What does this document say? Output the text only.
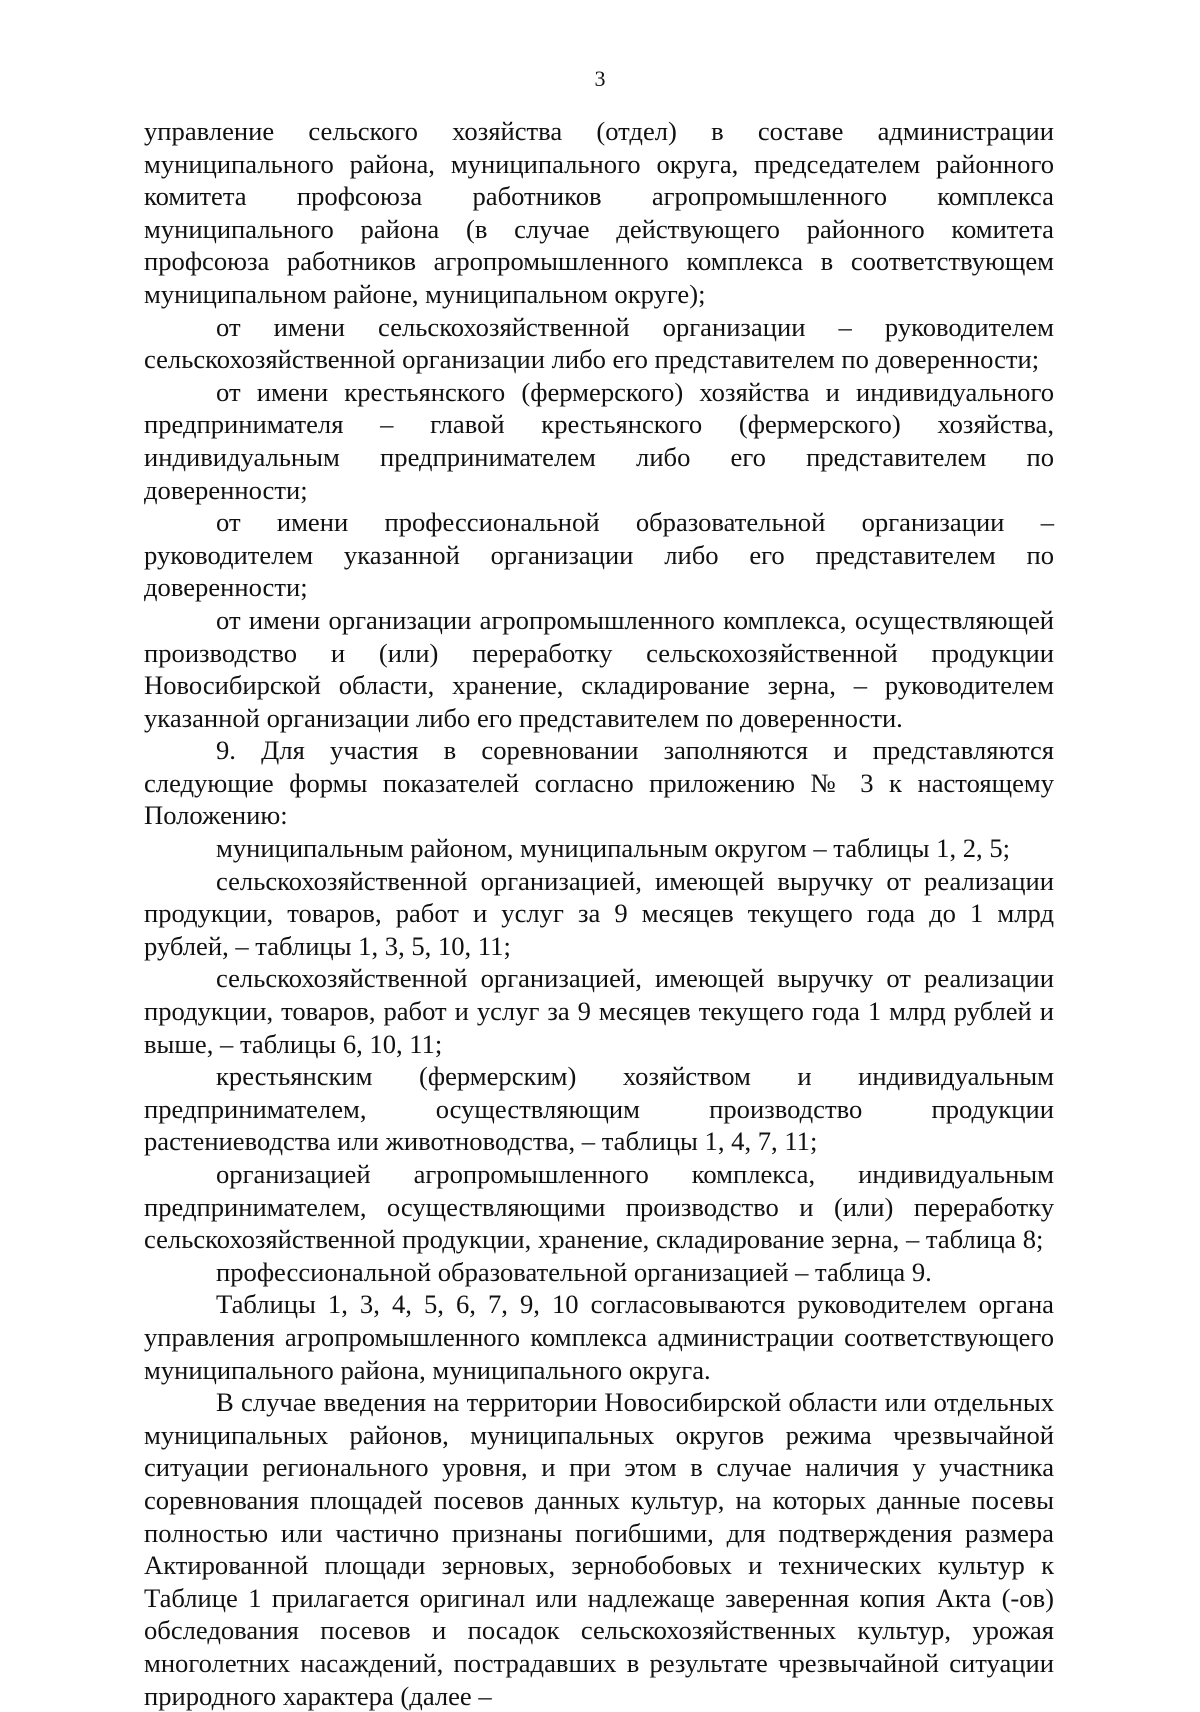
3

управление сельского хозяйства (отдел) в составе администрации муниципального района, муниципального округа, председателем районного комитета профсоюза работников агропромышленного комплекса муниципального района (в случае действующего районного комитета профсоюза работников агропромышленного комплекса в соответствующем муниципальном районе, муниципальном округе);

от имени сельскохозяйственной организации – руководителем сельскохозяйственной организации либо его представителем по доверенности;

от имени крестьянского (фермерского) хозяйства и индивидуального предпринимателя – главой крестьянского (фермерского) хозяйства, индивидуальным предпринимателем либо его представителем по доверенности;

от имени профессиональной образовательной организации – руководителем указанной организации либо его представителем по доверенности;

от имени организации агропромышленного комплекса, осуществляющей производство и (или) переработку сельскохозяйственной продукции Новосибирской области, хранение, складирование зерна, – руководителем указанной организации либо его представителем по доверенности.

9. Для участия в соревновании заполняются и представляются следующие формы показателей согласно приложению № 3 к настоящему Положению:

муниципальным районом, муниципальным округом – таблицы 1, 2, 5;

сельскохозяйственной организацией, имеющей выручку от реализации продукции, товаров, работ и услуг за 9 месяцев текущего года до 1 млрд рублей, – таблицы 1, 3, 5, 10, 11;

сельскохозяйственной организацией, имеющей выручку от реализации продукции, товаров, работ и услуг за 9 месяцев текущего года 1 млрд рублей и выше, – таблицы 6, 10, 11;

крестьянским (фермерским) хозяйством и индивидуальным предпринимателем, осуществляющим производство продукции растениеводства или животноводства, – таблицы 1, 4, 7, 11;

организацией агропромышленного комплекса, индивидуальным предпринимателем, осуществляющими производство и (или) переработку сельскохозяйственной продукции, хранение, складирование зерна, – таблица 8;

профессиональной образовательной организацией – таблица 9.

Таблицы 1, 3, 4, 5, 6, 7, 9, 10 согласовываются руководителем органа управления агропромышленного комплекса администрации соответствующего муниципального района, муниципального округа.

В случае введения на территории Новосибирской области или отдельных муниципальных районов, муниципальных округов режима чрезвычайной ситуации регионального уровня, и при этом в случае наличия у участника соревнования площадей посевов данных культур, на которых данные посевы полностью или частично признаны погибшими, для подтверждения размера Актированной площади зерновых, зернобобовых и технических культур к Таблице 1 прилагается оригинал или надлежаще заверенная копия Акта (-ов) обследования посевов и посадок сельскохозяйственных культур, урожая многолетних насаждений, пострадавших в результате чрезвычайной ситуации природного характера (далее –
